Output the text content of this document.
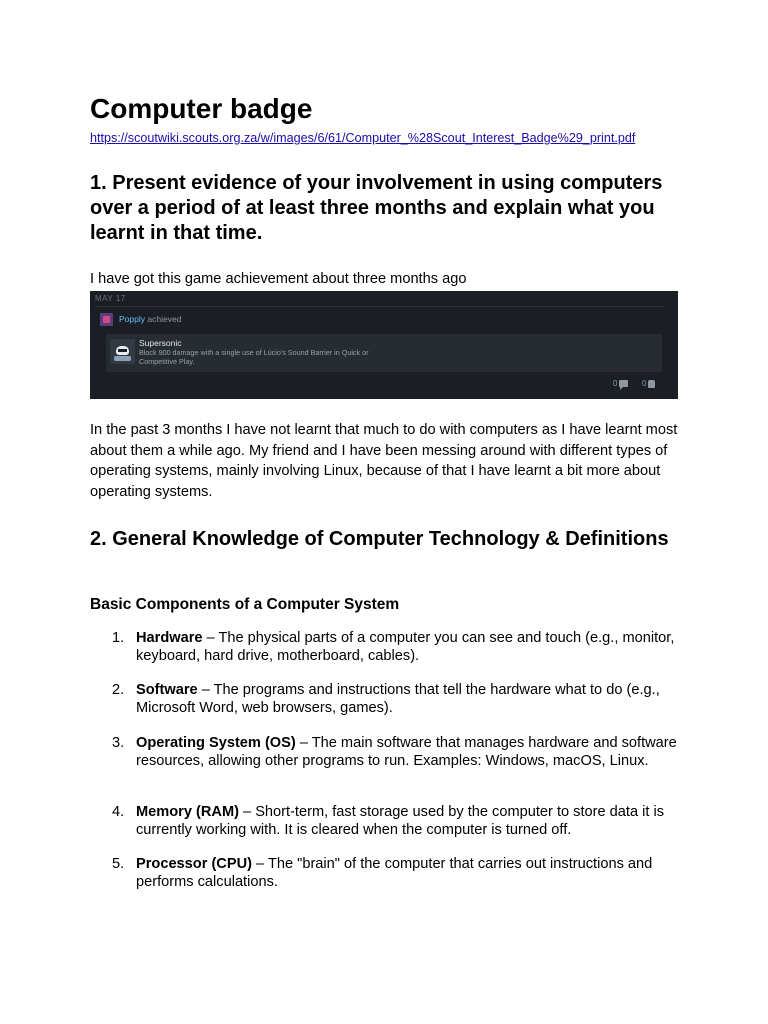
Computer badge
https://scoutwiki.scouts.org.za/w/images/6/61/Computer_%28Scout_Interest_Badge%29_print.pdf
1. Present evidence of your involvement in using computers over a period of at least three months and explain what you learnt in that time.

I have got this game achievement about three months ago

MAY 17
Popply achieved
Supersonic
Block 900 damage with a single use of Lúcio's Sound Barrier in Quick or Competitive Play.
0	0

In the past 3 months I have not learnt that much to do with computers as I have learnt most about them a while ago. My friend and I have been messing around with different types of operating systems, mainly involving Linux, because of that I have learnt a bit more about operating systems.

2. General Knowledge of Computer Technology & Definitions
Basic Components of a Computer System
1. Hardware – The physical parts of a computer you can see and touch (e.g., monitor, keyboard, hard drive, motherboard, cables).
2. Software – The programs and instructions that tell the hardware what to do (e.g., Microsoft Word, web browsers, games).
3. Operating System (OS) – The main software that manages hardware and software resources, allowing other programs to run. Examples: Windows, macOS, Linux.
4. Memory (RAM) – Short-term, fast storage used by the computer to store data it is currently working with. It is cleared when the computer is turned off.
5. Processor (CPU) – The "brain" of the computer that carries out instructions and performs calculations.
